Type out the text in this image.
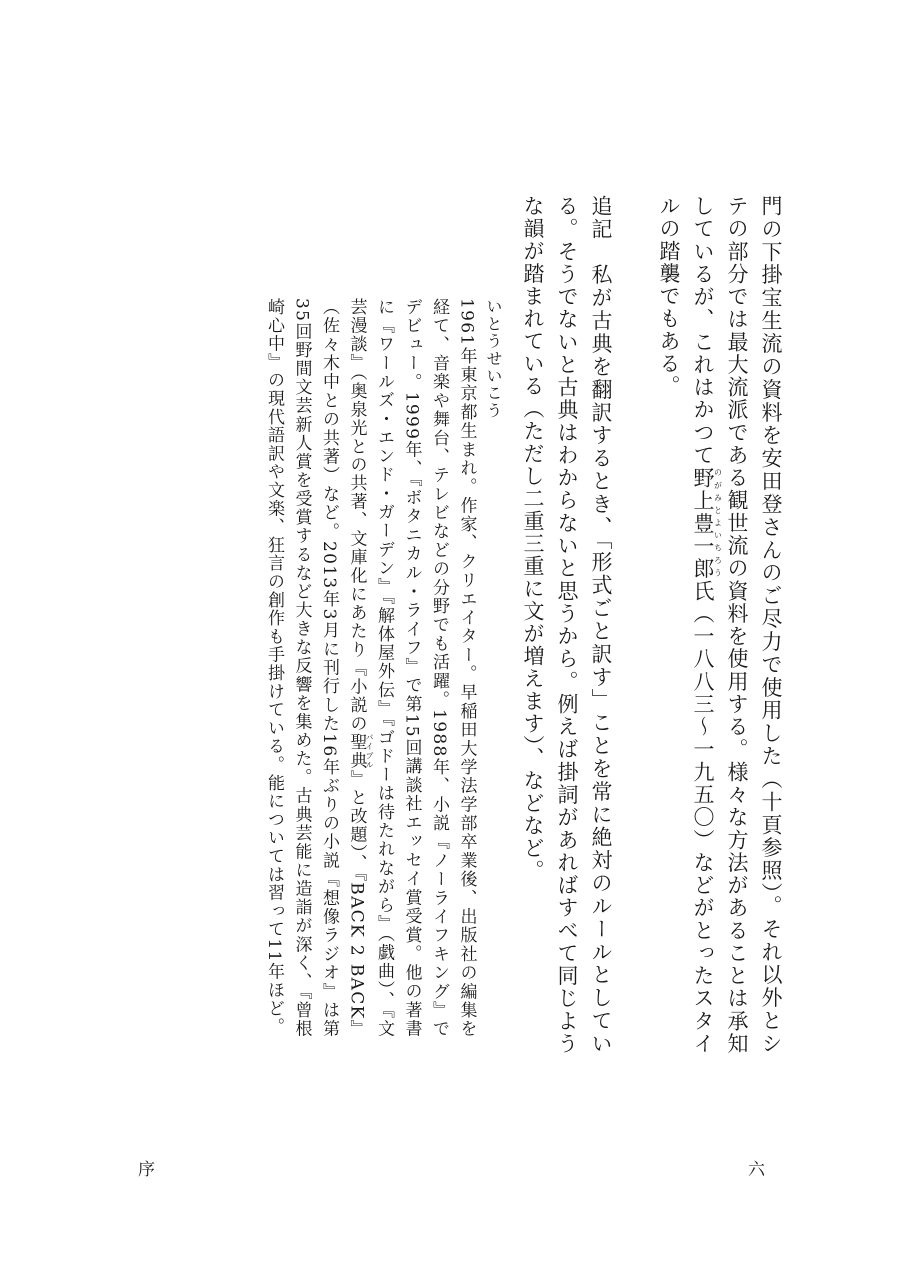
門の下掛宝生流の資料を安田登さんのご尽力で使用した（十頁参照）。それ以外とシテの部分では最大流派である観世流の資料を使用する。様々な方法があることは承知しているが、これはかつて野上豊一郎のがみとよいちろう氏（一八八三〜一九五〇）などがとったスタイルの踏襲でもある。

追記　私が古典を翻訳するとき、「形式ごと訳す」ことを常に絶対のルールとしている。そうでないと古典はわからないと思うから。例えば掛詞があればすべて同じような韻が踏まれている（ただし二重三重に文が増えます）、などなど。

いとうせいこう

1961年東京都生まれ。作家、クリエイター。早稲田大学法学部卒業後、出版社の編集を経て、音楽や舞台、テレビなどの分野でも活躍。1988年、小説『ノーライフキング』でデビュー。1999年、『ボタニカル・ライフ』で第15回講談社エッセイ賞受賞。他の著書に『ワールズ・エンド・ガーデン』『解体屋外伝』『ゴドーは待たれながら』（戯曲）、『文芸漫談』（奥泉光との共著、文庫化にあたり『小説の聖典バイブル』と改題）、『BACK 2 BACK』（佐々木中との共著）など。2013年3月に刊行した16年ぶりの小説『想像ラジオ』は第35回野間文芸新人賞を受賞するなど大きな反響を集めた。古典芸能に造詣が深く、『曾根崎心中』の現代語訳や文楽、狂言の創作も手掛けている。能については習って11年ほど。

序	六
